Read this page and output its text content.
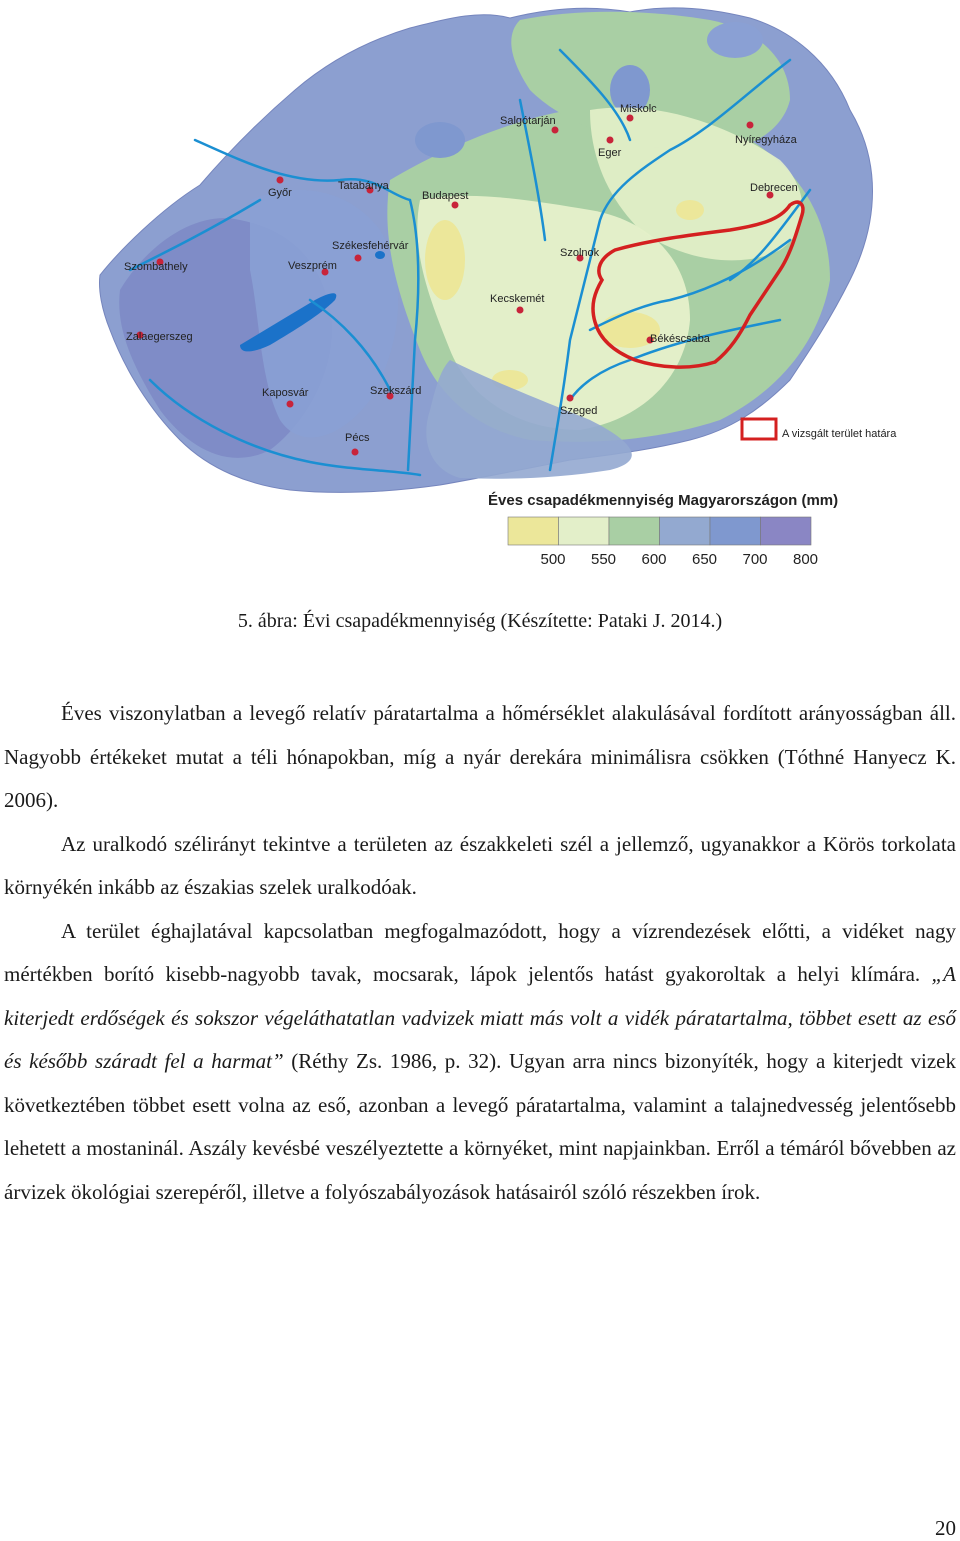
Salgótarján
Miskolc
Eger
Nyíregyháza
Tatabánya
Győr	Budapest
Debrecen
Székesfehérvár
Szolnok
Szombathely	Veszprém
Kecskemét
Zalaegerszeg	Békéscsaba
Kaposvár	Szekszárd
Szeged
Pécs	A vizsgált terület határa
Éves csapadékmennyiség Magyarországon (mm)
500 550 600 650 700 800
5. ábra: Évi csapadékmennyiség (Készítette: Pataki J. 2014.)

Éves viszonylatban a levegő relatív páratartalma a hőmérséklet alakulásával fordított arányosságban áll. Nagyobb értékeket mutat a téli hónapokban, míg a nyár derekára minimálisra csökken (Tóthné Hanyecz K. 2006).

Az uralkodó szélirányt tekintve a területen az északkeleti szél a jellemző, ugyanakkor a Körös torkolata környékén inkább az északias szelek uralkodóak.

A terület éghajlatával kapcsolatban megfogalmazódott, hogy a vízrendezések előtti, a vidéket nagy mértékben borító kisebb-nagyobb tavak, mocsarak, lápok jelentős hatást gyakoroltak a helyi klímára. „A kiterjedt erdőségek és sokszor végeláthatatlan vadvizek miatt más volt a vidék páratartalma, többet esett az eső és később száradt fel a harmat” (Réthy Zs. 1986, p. 32). Ugyan arra nincs bizonyíték, hogy a kiterjedt vizek következtében többet esett volna az eső, azonban a levegő páratartalma, valamint a talajnedvesség jelentősebb lehetett a mostaninál. Aszály kevésbé veszélyeztette a környéket, mint napjainkban. Erről a témáról bővebben az árvizek ökológiai szerepéről, illetve a folyószabályozások hatásairól szóló részekben írok.

20
